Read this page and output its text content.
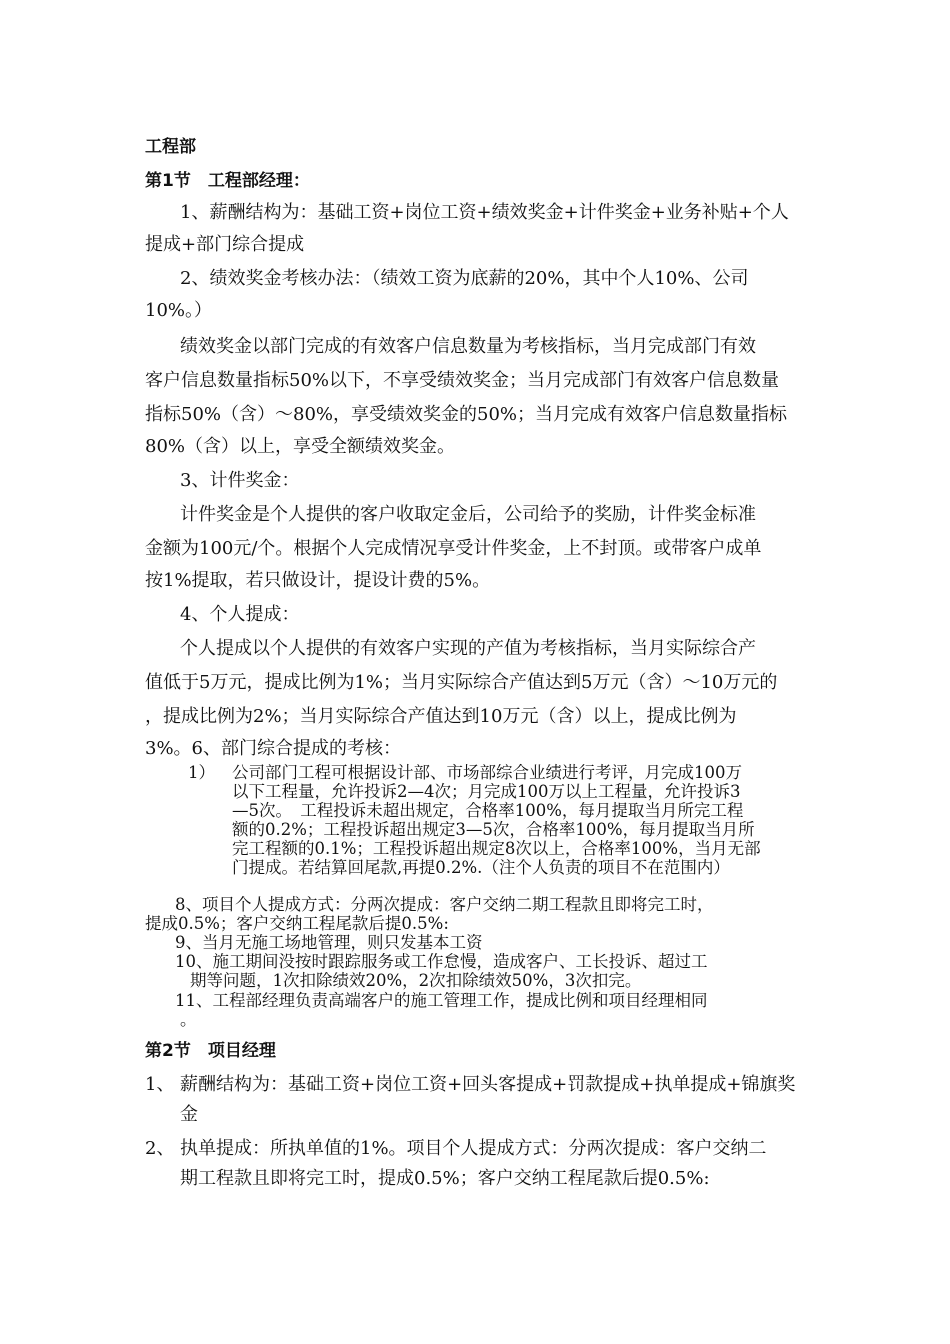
工程部
第1节　工程部经理：
1、薪酬结构为：基础工资+岗位工资+绩效奖金+计件奖金+业务补贴+个人
提成+部门综合提成
2、绩效奖金考核办法：（绩效工资为底薪的20%，其中个人10%、公司
10%。）
绩效奖金以部门完成的有效客户信息数量为考核指标，当月完成部门有效
客户信息数量指标50%以下，不享受绩效奖金；当月完成部门有效客户信息数量
指标50%（含）～80%，享受绩效奖金的50%；当月完成有效客户信息数量指标
80%（含）以上，享受全额绩效奖金。
3、计件奖金：
计件奖金是个人提供的客户收取定金后，公司给予的奖励，计件奖金标准
金额为100元/个。根据个人完成情况享受计件奖金，上不封顶。或带客户成单
按1%提取，若只做设计，提设计费的5%。
4、个人提成：
个人提成以个人提供的有效客户实现的产值为考核指标，当月实际综合产
值低于5万元，提成比例为1%；当月实际综合产值达到5万元（含）～10万元的
，提成比例为2%；当月实际综合产值达到10万元（含）以上，提成比例为
3%。6、部门综合提成的考核：
1） 公司部门工程可根据设计部、市场部综合业绩进行考评，月完成100万
以下工程量，允许投诉2—4次；月完成100万以上工程量，允许投诉3
—5次。　工程投诉未超出规定，合格率100%，每月提取当月所完工程
额的0.2%；工程投诉超出规定3—5次，合格率100%，每月提取当月所
完工程额的0.1%；工程投诉超出规定8次以上，合格率100%，当月无部
门提成。若结算回尾款,再提0.2%.（注个人负责的项目不在范围内）
8、项目个人提成方式：分两次提成：客户交纳二期工程款且即将完工时，
提成0.5%；客户交纳工程尾款后提0.5%:
9、当月无施工场地管理，则只发基本工资
10、施工期间没按时跟踪服务或工作怠慢，造成客户、工长投诉、超过工
期等问题，1次扣除绩效20%，2次扣除绩效50%，3次扣完。
11、工程部经理负责高端客户的施工管理工作，提成比例和项目经理相同
。
第2节　项目经理
1、 薪酬结构为：基础工资+岗位工资+回头客提成+罚款提成+执单提成+锦旗奖
金
2、 执单提成：所执单值的1%。项目个人提成方式：分两次提成：客户交纳二
期工程款且即将完工时，提成0.5%；客户交纳工程尾款后提0.5%:
